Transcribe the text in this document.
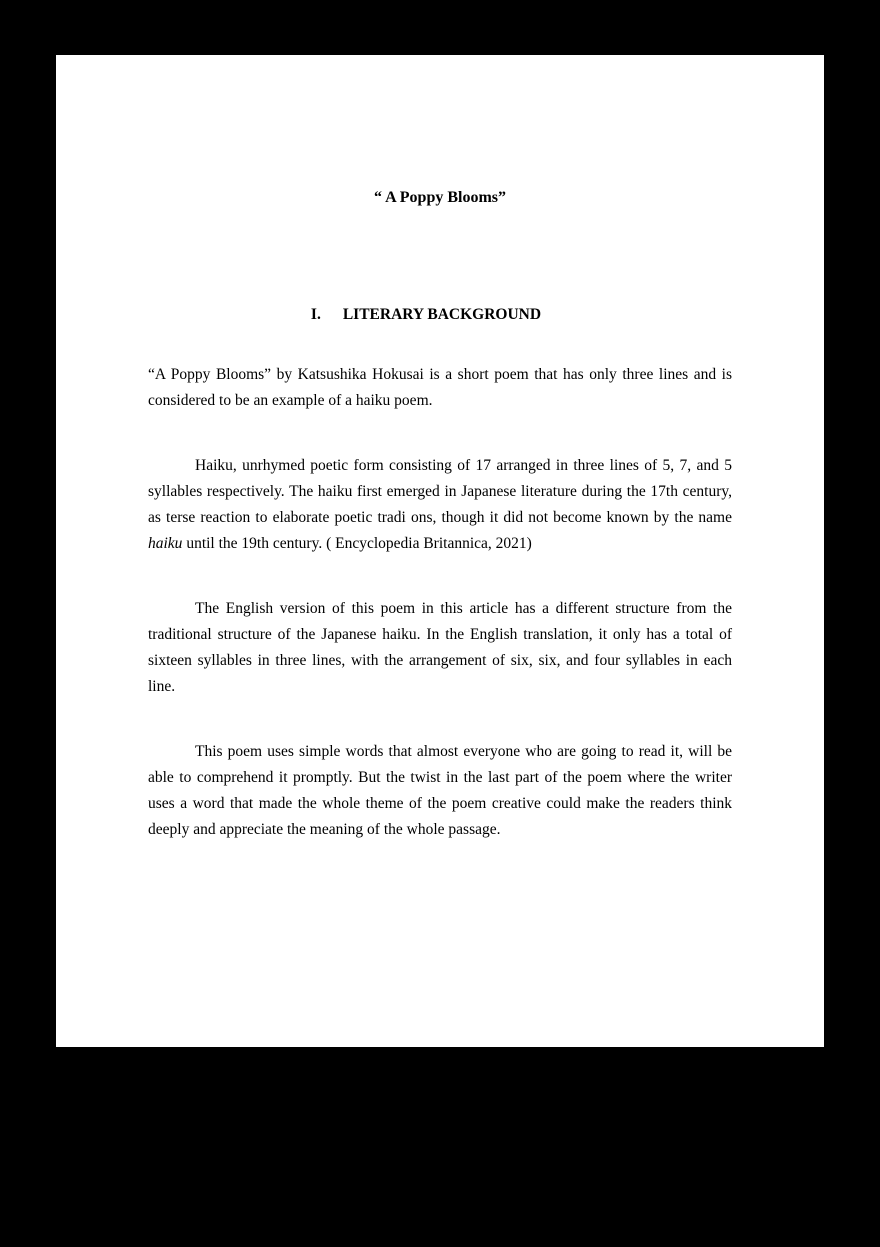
“ A Poppy Blooms”
I. LITERARY BACKGROUND

“A Poppy Blooms” by Katsushika Hokusai is a short poem that has only three lines and is considered to be an example of a haiku poem.

Haiku, unrhymed poetic form consisting of 17 arranged in three lines of 5, 7, and 5 syllables respectively. The haiku first emerged in Japanese literature during the 17th century, as terse reaction to elaborate poetic tradi ons, though it did not become known by the name haiku until the 19th century. ( Encyclopedia Britannica, 2021)

The English version of this poem in this article has a different structure from the traditional structure of the Japanese haiku. In the English translation, it only has a total of sixteen syllables in three lines, with the arrangement of six, six, and four syllables in each line.

This poem uses simple words that almost everyone who are going to read it, will be able to comprehend it promptly. But the twist in the last part of the poem where the writer uses a word that made the whole theme of the poem creative could make the readers think deeply and appreciate the meaning of the whole passage.
